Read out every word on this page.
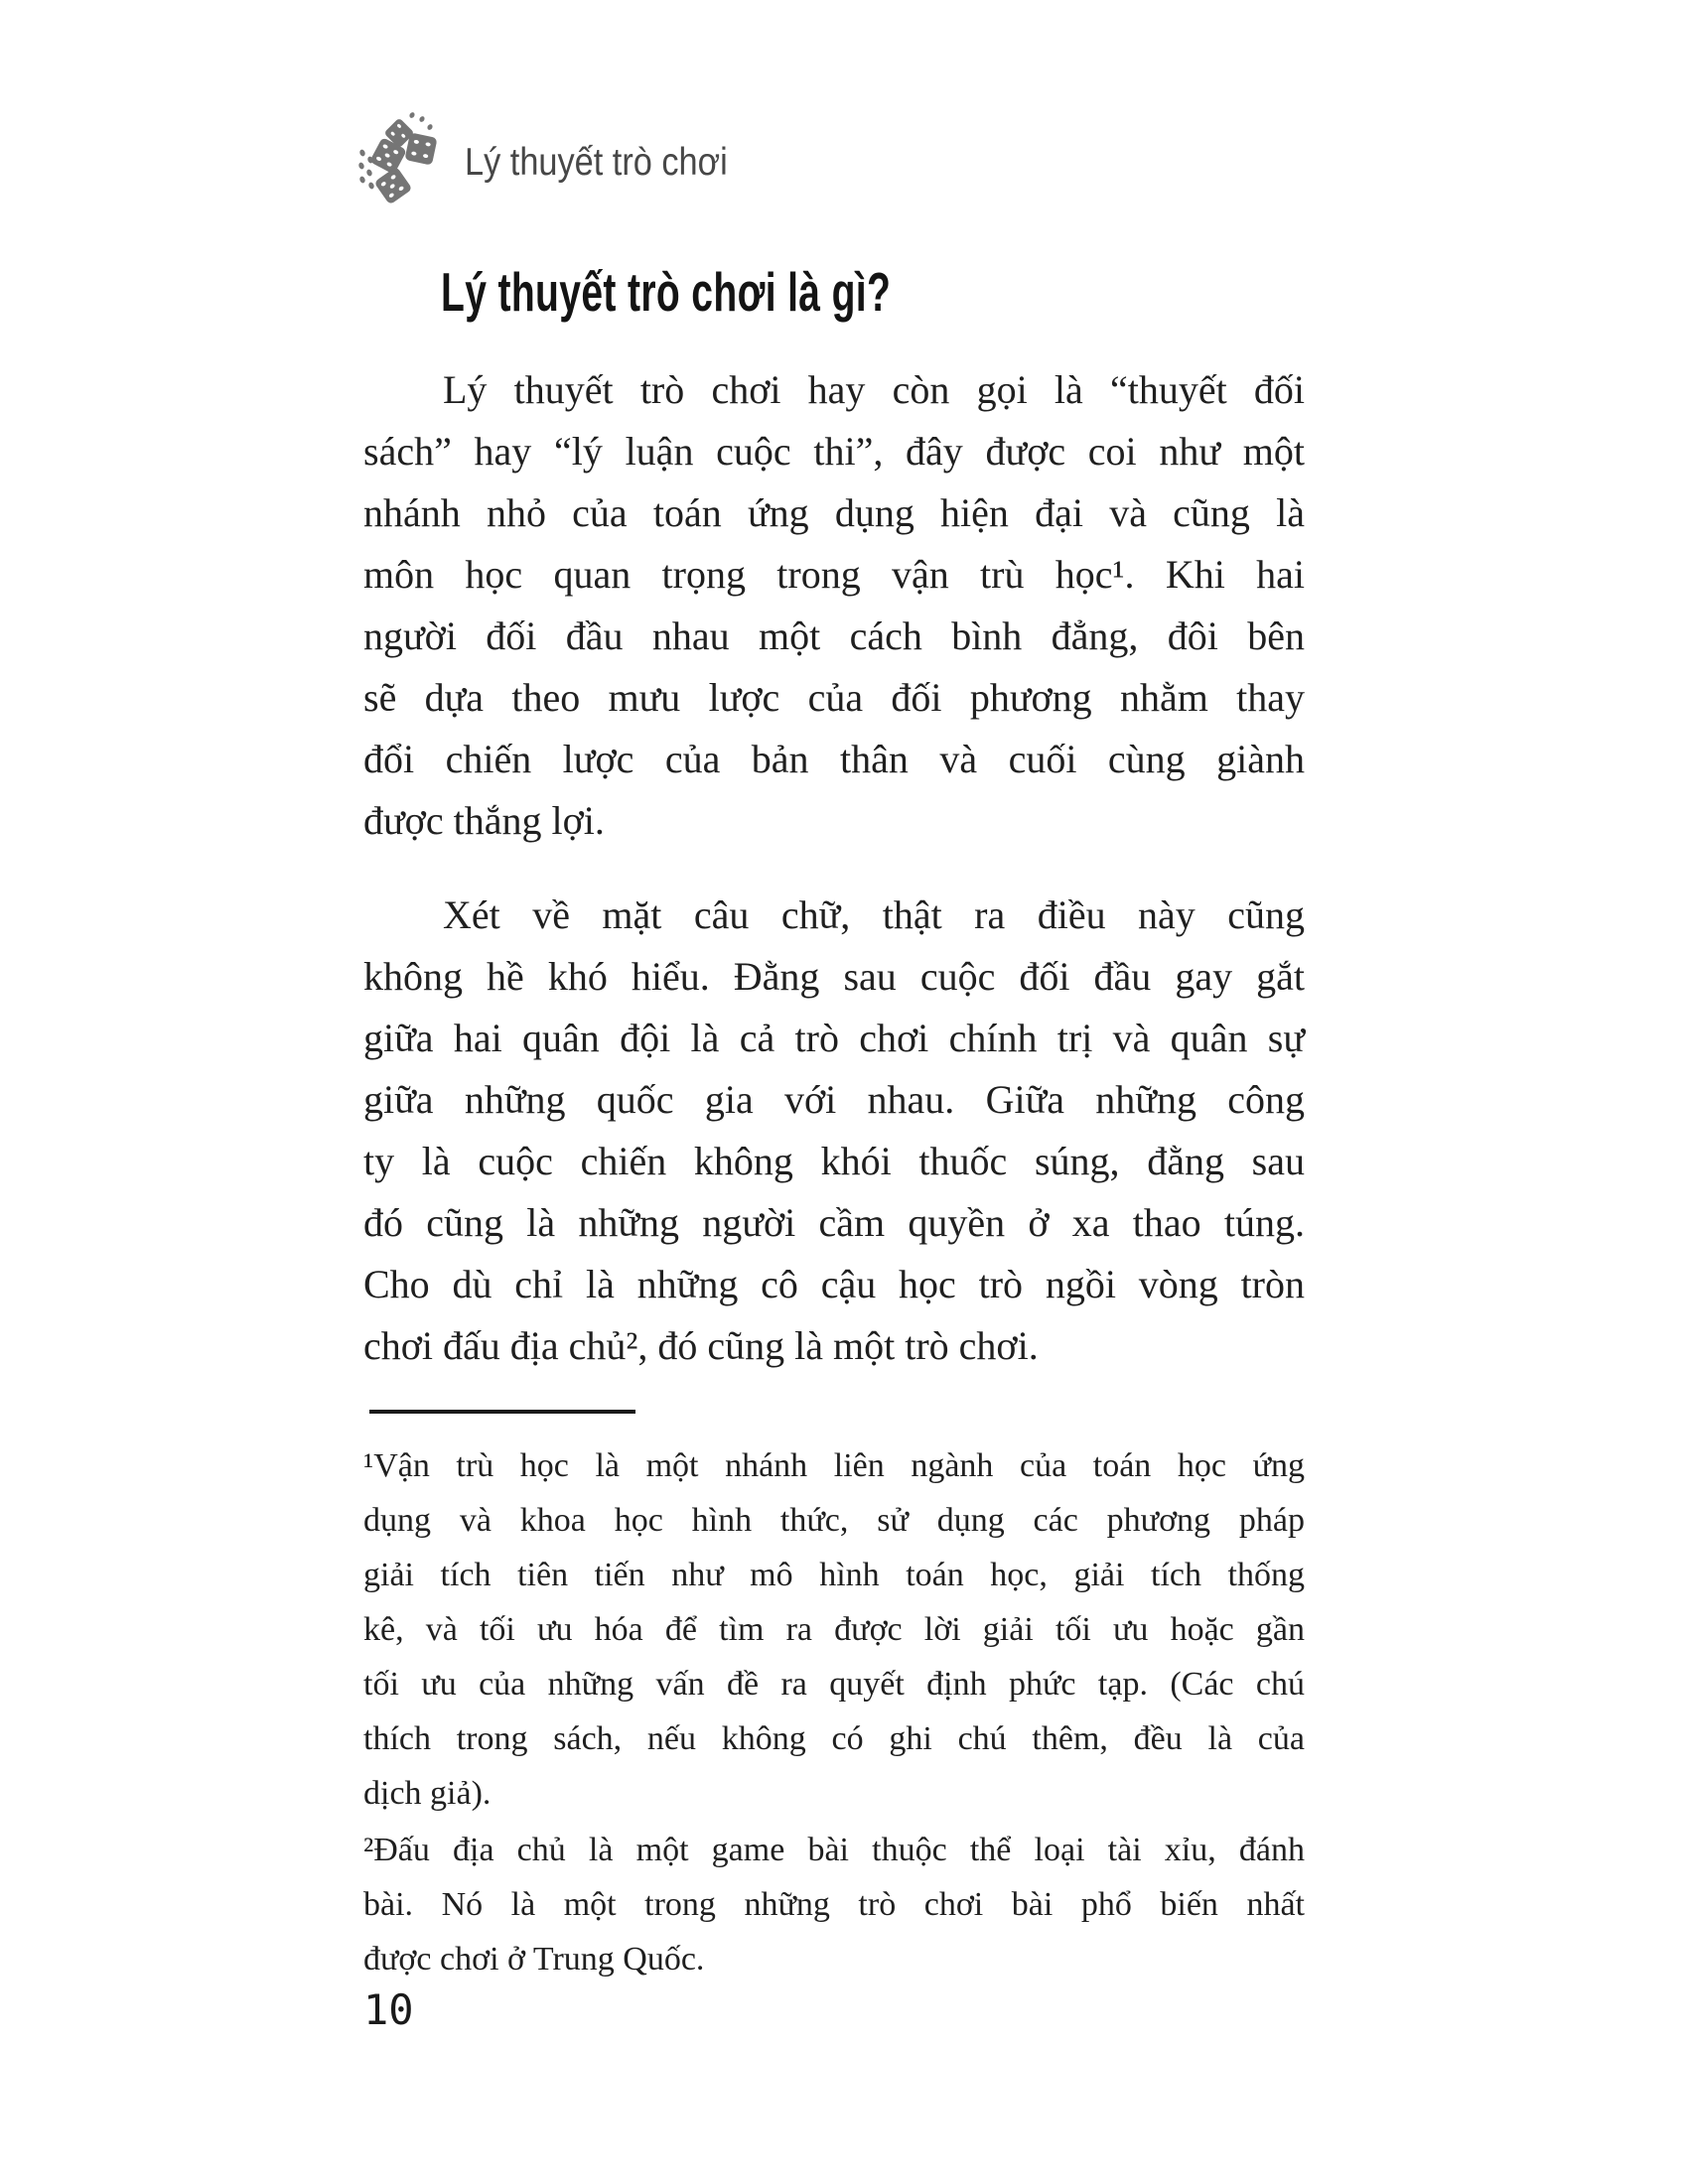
Lý thuyết trò chơi
Lý thuyết trò chơi là gì?
Lý thuyết trò chơi hay còn gọi là “thuyết đối
sách” hay “lý luận cuộc thi”, đây được coi như một
nhánh nhỏ của toán ứng dụng hiện đại và cũng là
môn học quan trọng trong vận trù học¹. Khi hai
người đối đầu nhau một cách bình đẳng, đôi bên
sẽ dựa theo mưu lược của đối phương nhằm thay
đổi chiến lược của bản thân và cuối cùng giành
được thắng lợi.
Xét về mặt câu chữ, thật ra điều này cũng
không hề khó hiểu. Đằng sau cuộc đối đầu gay gắt
giữa hai quân đội là cả trò chơi chính trị và quân sự
giữa những quốc gia với nhau. Giữa những công
ty là cuộc chiến không khói thuốc súng, đằng sau
đó cũng là những người cầm quyền ở xa thao túng.
Cho dù chỉ là những cô cậu học trò ngồi vòng tròn
chơi đấu địa chủ², đó cũng là một trò chơi.
¹Vận trù học là một nhánh liên ngành của toán học ứng
dụng và khoa học hình thức, sử dụng các phương pháp
giải tích tiên tiến như mô hình toán học, giải tích thống
kê, và tối ưu hóa để tìm ra được lời giải tối ưu hoặc gần
tối ưu của những vấn đề ra quyết định phức tạp. (Các chú
thích trong sách, nếu không có ghi chú thêm, đều là của
dịch giả).
²Đấu địa chủ là một game bài thuộc thể loại tài xỉu, đánh
bài. Nó là một trong những trò chơi bài phổ biến nhất
được chơi ở Trung Quốc.
10
